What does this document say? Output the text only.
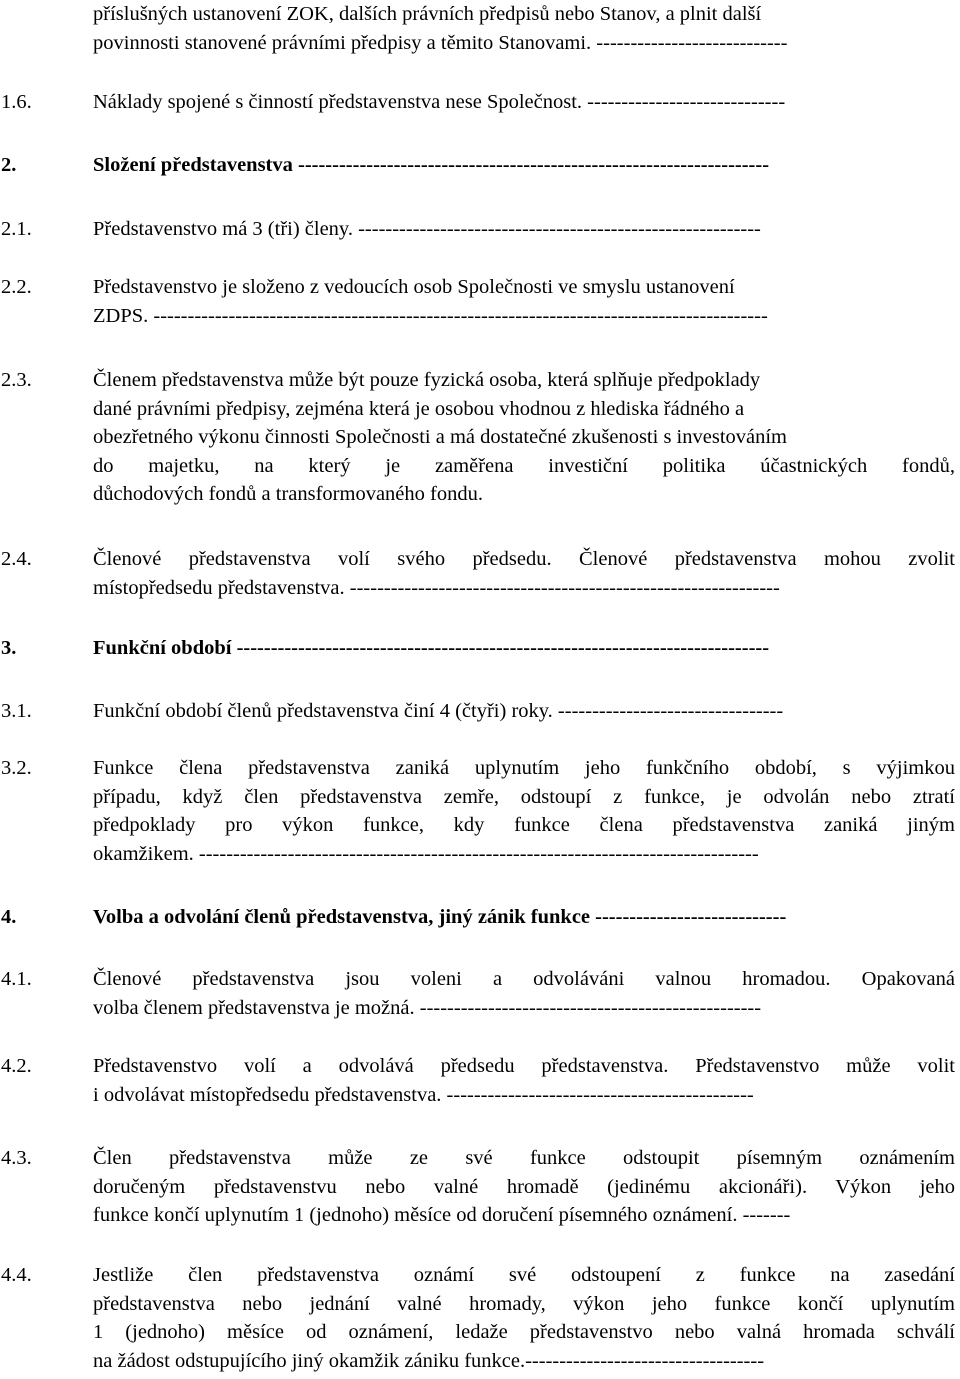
příslušných ustanovení ZOK, dalších právních předpisů nebo Stanov, a plnit další
povinnosti stanovené právními předpisy a těmito Stanovami. ----------------------------
1.6.	Náklady spojené s činností představenstva nese Společnost. -----------------------------
2.	Složení představenstva ---------------------------------------------------------------------
2.1.	Představenstvo má 3 (tři) členy. -----------------------------------------------------------
2.2.	Představenstvo je složeno z vedoucích osob Společnosti ve smyslu ustanovení
ZDPS. ------------------------------------------------------------------------------------------
2.3.	Členem představenstva může být pouze fyzická osoba, která splňuje předpoklady
dané právními předpisy, zejména která je osobou vhodnou z hlediska řádného a
obezřetného výkonu činnosti Společnosti a má dostatečné zkušenosti s investováním
do majetku, na který je zaměřena investiční politika účastnických fondů,
důchodových fondů a transformovaného fondu.
2.4.	Členové představenstva volí svého předsedu. Členové představenstva mohou zvolit
místopředsedu představenstva. ---------------------------------------------------------------
3.	Funkční období ------------------------------------------------------------------------------
3.1.	Funkční období členů představenstva činí 4 (čtyři) roky. ---------------------------------
3.2.	Funkce člena představenstva zaniká uplynutím jeho funkčního období, s výjimkou
případu, když člen představenstva zemře, odstoupí z funkce, je odvolán nebo ztratí
předpoklady pro výkon funkce, kdy funkce člena představenstva zaniká jiným
okamžikem. ----------------------------------------------------------------------------------
4.	Volba a odvolání členů představenstva, jiný zánik funkce ----------------------------
4.1.	Členové představenstva jsou voleni a odvoláváni valnou hromadou. Opakovaná
volba členem představenstva je možná. --------------------------------------------------
4.2.	Představenstvo volí a odvolává předsedu představenstva. Představenstvo může volit
i odvolávat místopředsedu představenstva. ---------------------------------------------
4.3.	Člen představenstva může ze své funkce odstoupit písemným oznámením
doručeným představenstvu nebo valné hromadě (jedinému akcionáři). Výkon jeho
funkce končí uplynutím 1 (jednoho) měsíce od doručení písemného oznámení. -------
4.4.	Jestliže člen představenstva oznámí své odstoupení z funkce na zasedání
představenstva nebo jednání valné hromady, výkon jeho funkce končí uplynutím
1 (jednoho) měsíce od oznámení, ledaže představenstvo nebo valná hromada schválí
na žádost odstupujícího jiný okamžik zániku funkce.-----------------------------------
